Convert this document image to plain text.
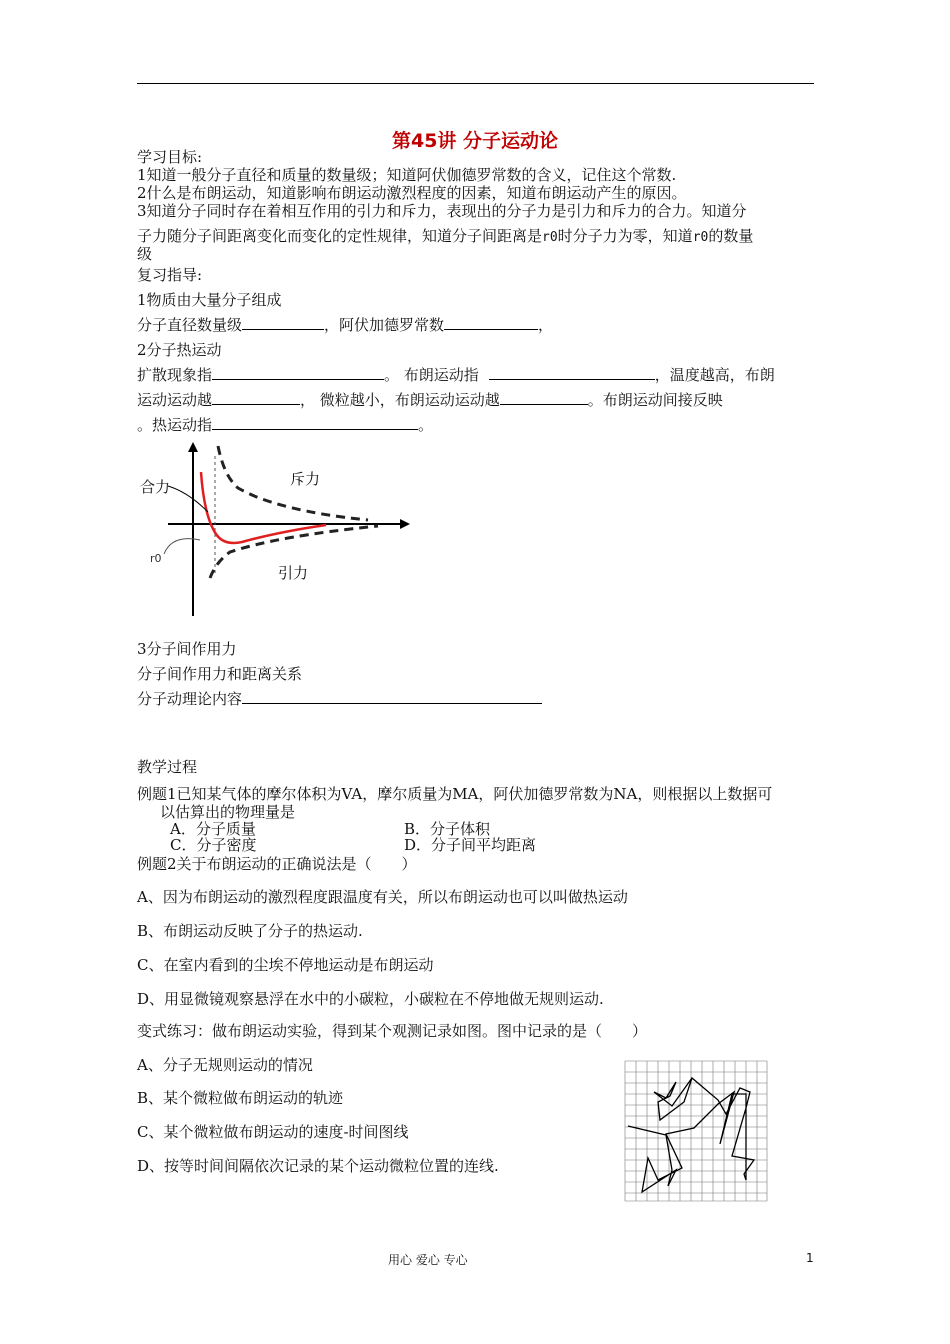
第45讲 分子运动论
学习目标:
1知道一般分子直径和质量的数量级；知道阿伏伽德罗常数的含义，记住这个常数.
2什么是布朗运动，知道影响布朗运动激烈程度的因素，知道布朗运动产生的原因。
3知道分子同时存在着相互作用的引力和斥力，表现出的分子力是引力和斥力的合力。知道分
子力随分子间距离变化而变化的定性规律，知道分子间距离是r0时分子力为零，知道r0的数量
级
复习指导:
1物质由大量分子组成
分子直径数量级	，阿伏加德罗常数	，
2分子热运动
扩散现象指	。 布朗运动指	，温度越高，布朗
运动运动越	， 微粒越小，布朗运动运动越	。布朗运动间接反映
。热运动指	。
合力	斥力
引力
r0
3分子间作用力
分子间作用力和距离关系
分子动理论内容
教学过程
例题1已知某气体的摩尔体积为VA，摩尔质量为MA，阿伏加德罗常数为NA，则根据以上数据可
以估算出的物理量是
A．分子质量	B．分子体积
C．分子密度	D．分子间平均距离
例题2关于布朗运动的正确说法是（　　）
A、因为布朗运动的激烈程度跟温度有关，所以布朗运动也可以叫做热运动
B、布朗运动反映了分子的热运动.
C、在室内看到的尘埃不停地运动是布朗运动
D、用显微镜观察悬浮在水中的小碳粒，小碳粒在不停地做无规则运动.
变式练习：做布朗运动实验，得到某个观测记录如图。图中记录的是（　　）
A、分子无规则运动的情况
B、某个微粒做布朗运动的轨迹
C、某个微粒做布朗运动的速度-时间图线
D、按等时间间隔依次记录的某个运动微粒位置的连线.
用心 爱心 专心	1
